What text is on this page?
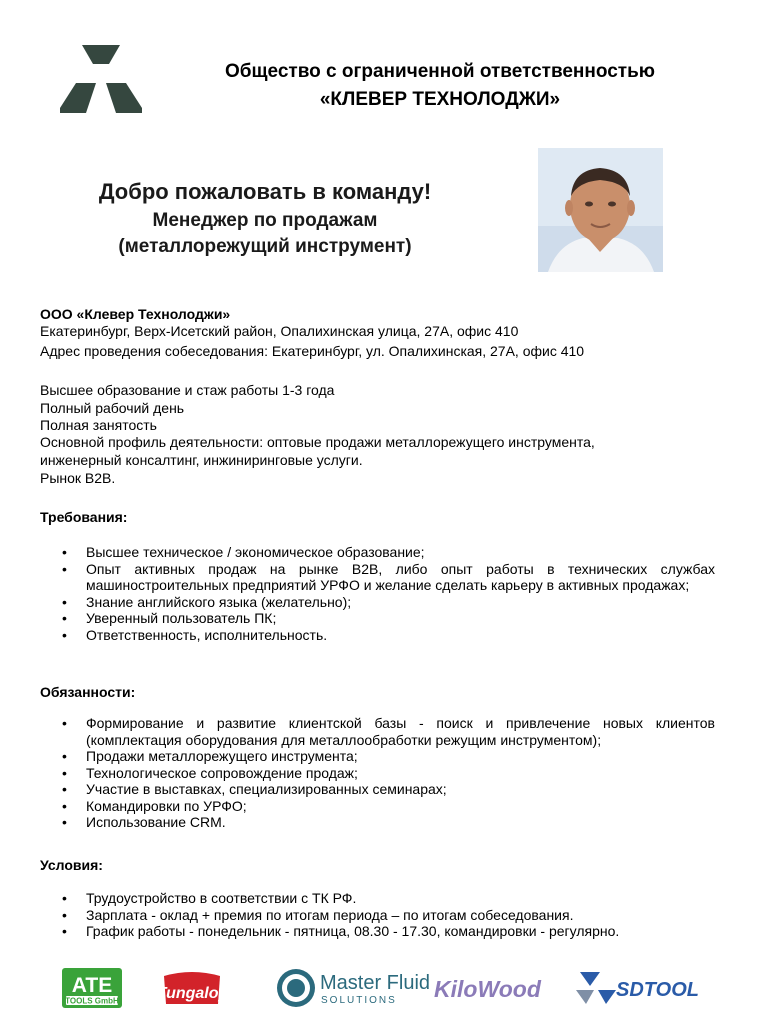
Общество с ограниченной ответственностью
«КЛЕВЕР ТЕХНОЛОДЖИ»
Добро пожаловать в команду!
Менеджер по продажам
(металлорежущий инструмент)
ООО «Клевер Технолоджи»
Екатеринбург, Верх-Исетский район, Опалихинская улица, 27А, офис 410
Адрес проведения собеседования: Екатеринбург, ул. Опалихинская, 27А, офис 410
Высшее образование и стаж работы 1-3 года
Полный рабочий день
Полная занятость
Основной профиль деятельности: оптовые продажи металлорежущего инструмента,
инженерный консалтинг, инжиниринговые услуги.
Рынок B2B.
Требования:
• Высшее техническое / экономическое образование;
• Опыт активных продаж на рынке B2B, либо опыт работы в технических службах машиностроительных предприятий УРФО и желание сделать карьеру в активных продажах;
• Знание английского языка (желательно);
• Уверенный пользователь ПК;
• Ответственность, исполнительность.
Обязанности:
• Формирование и развитие клиентской базы - поиск и привлечение новых клиентов (комплектация оборудования для металлообработки режущим инструментом);
• Продажи металлорежущего инструмента;
• Технологическое сопровождение продаж;
• Участие в выставках, специализированных семинарах;
• Командировки по УРФО;
• Использование CRM.
Условия:
• Трудоустройство в соответствии с ТК РФ.
• Зарплата - оклад + премия по итогам периода – по итогам собеседования.
• График работы - понедельник - пятница, 08.30 - 17.30, командировки - регулярно.
ATE
TOOLS GmbH Tungaloy	Master Fluid
SOLUTIONS KiloWood	SDTOOL
